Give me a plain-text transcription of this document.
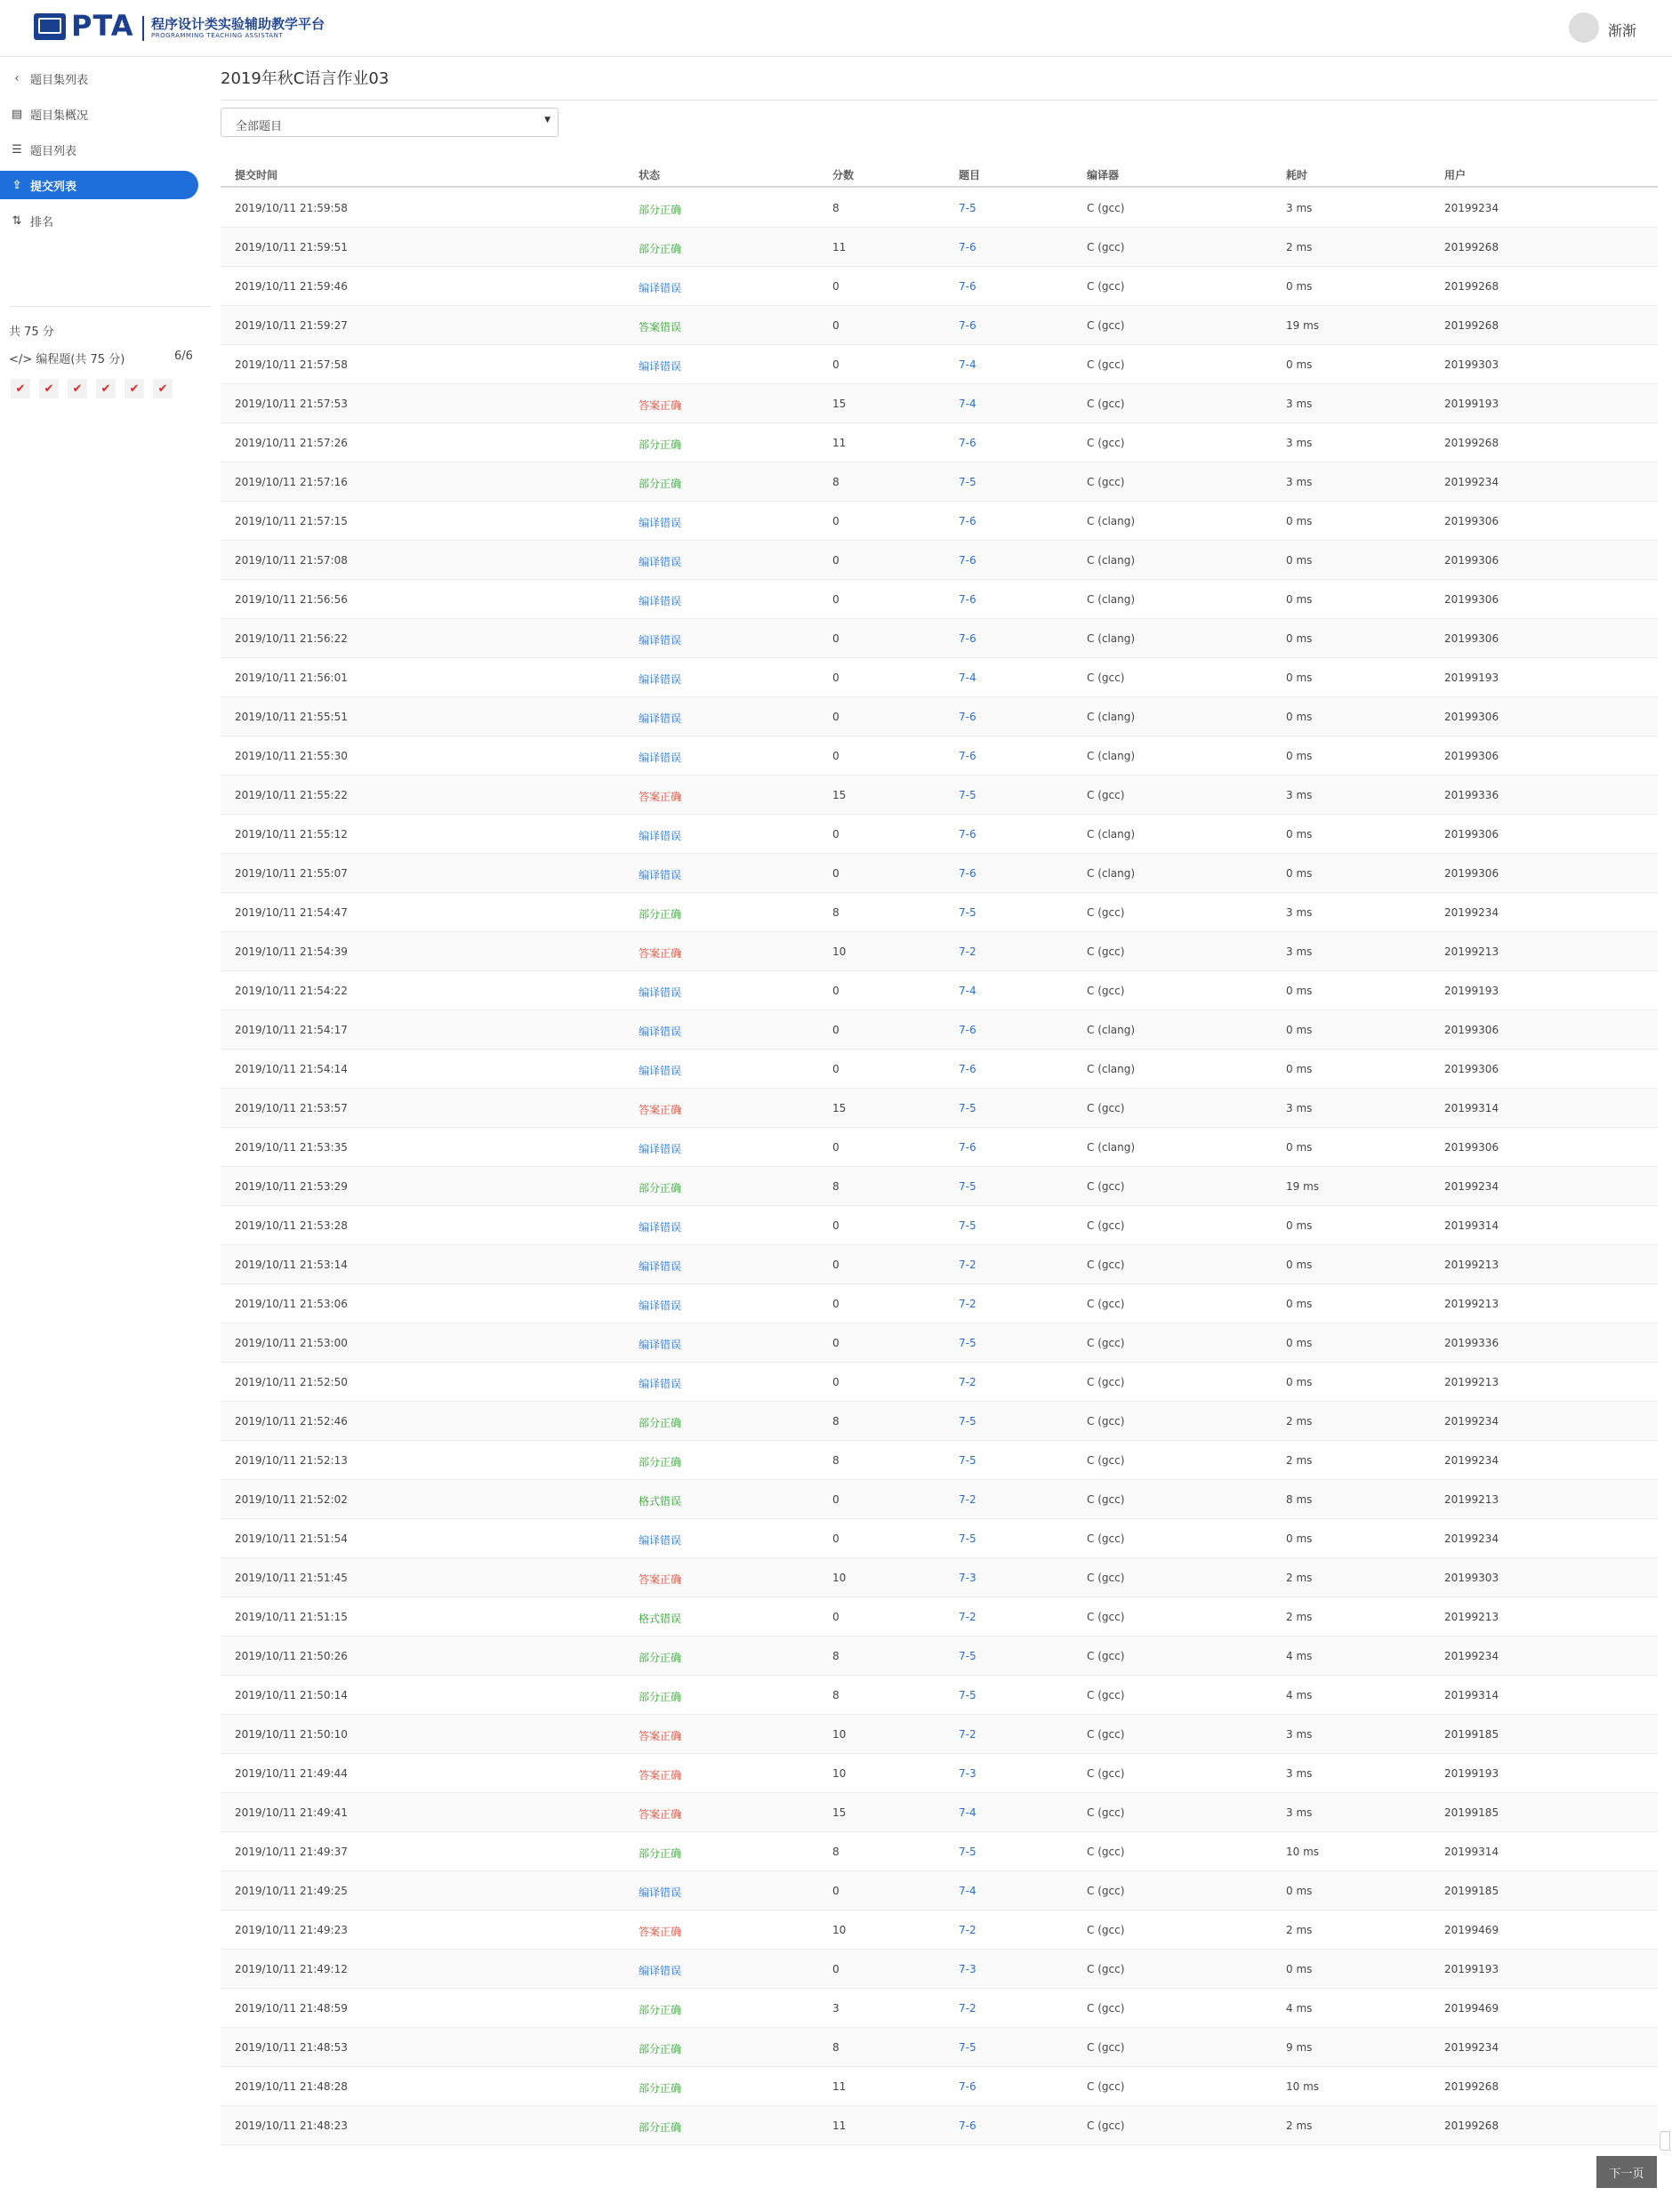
PTA 程序设计类实验辅助教学平台
PROGRAMMING TEACHING ASSISTANT	渐渐
‹ 题目集列表
▤ 题目集概况
☰ 题目列表
⇪ 提交列表
⇅ 排名
共 75 分
</> 编程题(共 75 分)	6/6
✔	✔	✔	✔	✔	✔
2019年秋C语言作业03
全部题目	▼
提交时间	状态	分数	题目	编译器	耗时	用户
2019/10/11 21:59:58	部分正确	8	7-5	C (gcc)	3 ms	20199234
2019/10/11 21:59:51	部分正确	11	7-6	C (gcc)	2 ms	20199268
2019/10/11 21:59:46	编译错误	0	7-6	C (gcc)	0 ms	20199268
2019/10/11 21:59:27	答案错误	0	7-6	C (gcc)	19 ms	20199268
2019/10/11 21:57:58	编译错误	0	7-4	C (gcc)	0 ms	20199303
2019/10/11 21:57:53	答案正确	15	7-4	C (gcc)	3 ms	20199193
2019/10/11 21:57:26	部分正确	11	7-6	C (gcc)	3 ms	20199268
2019/10/11 21:57:16	部分正确	8	7-5	C (gcc)	3 ms	20199234
2019/10/11 21:57:15	编译错误	0	7-6	C (clang)	0 ms	20199306
2019/10/11 21:57:08	编译错误	0	7-6	C (clang)	0 ms	20199306
2019/10/11 21:56:56	编译错误	0	7-6	C (clang)	0 ms	20199306
2019/10/11 21:56:22	编译错误	0	7-6	C (clang)	0 ms	20199306
2019/10/11 21:56:01	编译错误	0	7-4	C (gcc)	0 ms	20199193
2019/10/11 21:55:51	编译错误	0	7-6	C (clang)	0 ms	20199306
2019/10/11 21:55:30	编译错误	0	7-6	C (clang)	0 ms	20199306
2019/10/11 21:55:22	答案正确	15	7-5	C (gcc)	3 ms	20199336
2019/10/11 21:55:12	编译错误	0	7-6	C (clang)	0 ms	20199306
2019/10/11 21:55:07	编译错误	0	7-6	C (clang)	0 ms	20199306
2019/10/11 21:54:47	部分正确	8	7-5	C (gcc)	3 ms	20199234
2019/10/11 21:54:39	答案正确	10	7-2	C (gcc)	3 ms	20199213
2019/10/11 21:54:22	编译错误	0	7-4	C (gcc)	0 ms	20199193
2019/10/11 21:54:17	编译错误	0	7-6	C (clang)	0 ms	20199306
2019/10/11 21:54:14	编译错误	0	7-6	C (clang)	0 ms	20199306
2019/10/11 21:53:57	答案正确	15	7-5	C (gcc)	3 ms	20199314
2019/10/11 21:53:35	编译错误	0	7-6	C (clang)	0 ms	20199306
2019/10/11 21:53:29	部分正确	8	7-5	C (gcc)	19 ms	20199234
2019/10/11 21:53:28	编译错误	0	7-5	C (gcc)	0 ms	20199314
2019/10/11 21:53:14	编译错误	0	7-2	C (gcc)	0 ms	20199213
2019/10/11 21:53:06	编译错误	0	7-2	C (gcc)	0 ms	20199213
2019/10/11 21:53:00	编译错误	0	7-5	C (gcc)	0 ms	20199336
2019/10/11 21:52:50	编译错误	0	7-2	C (gcc)	0 ms	20199213
2019/10/11 21:52:46	部分正确	8	7-5	C (gcc)	2 ms	20199234
2019/10/11 21:52:13	部分正确	8	7-5	C (gcc)	2 ms	20199234
2019/10/11 21:52:02	格式错误	0	7-2	C (gcc)	8 ms	20199213
2019/10/11 21:51:54	编译错误	0	7-5	C (gcc)	0 ms	20199234
2019/10/11 21:51:45	答案正确	10	7-3	C (gcc)	2 ms	20199303
2019/10/11 21:51:15	格式错误	0	7-2	C (gcc)	2 ms	20199213
2019/10/11 21:50:26	部分正确	8	7-5	C (gcc)	4 ms	20199234
2019/10/11 21:50:14	部分正确	8	7-5	C (gcc)	4 ms	20199314
2019/10/11 21:50:10	答案正确	10	7-2	C (gcc)	3 ms	20199185
2019/10/11 21:49:44	答案正确	10	7-3	C (gcc)	3 ms	20199193
2019/10/11 21:49:41	答案正确	15	7-4	C (gcc)	3 ms	20199185
2019/10/11 21:49:37	部分正确	8	7-5	C (gcc)	10 ms	20199314
2019/10/11 21:49:25	编译错误	0	7-4	C (gcc)	0 ms	20199185
2019/10/11 21:49:23	答案正确	10	7-2	C (gcc)	2 ms	20199469
2019/10/11 21:49:12	编译错误	0	7-3	C (gcc)	0 ms	20199193
2019/10/11 21:48:59	部分正确	3	7-2	C (gcc)	4 ms	20199469
2019/10/11 21:48:53	部分正确	8	7-5	C (gcc)	9 ms	20199234
2019/10/11 21:48:28	部分正确	11	7-6	C (gcc)	10 ms	20199268
2019/10/11 21:48:23	部分正确	11	7-6	C (gcc)	2 ms	20199268
下一页
